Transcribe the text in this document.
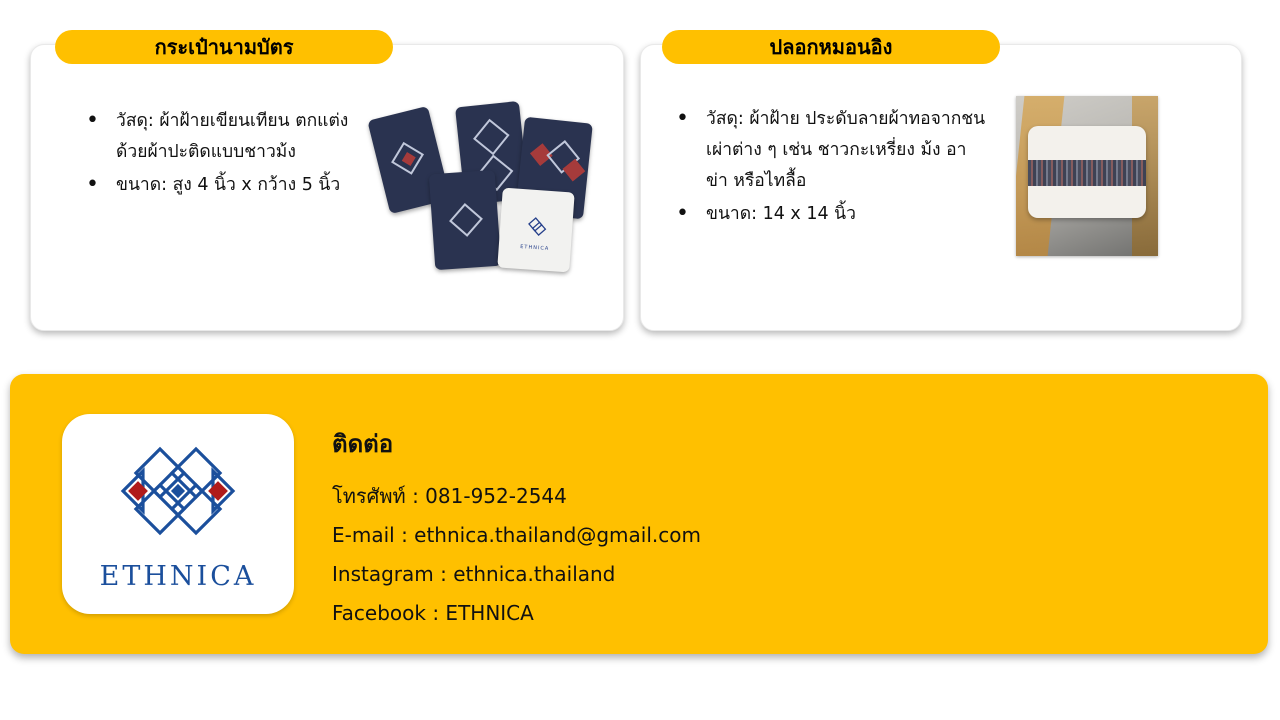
กระเป๋านามบัตร
• วัสดุ: ผ้าฝ้ายเขียนเทียน ตกแต่งด้วยผ้าปะติดแบบชาวม้ง
• ขนาด: สูง 4 นิ้ว x กว้าง 5 นิ้ว
ETHNICA
ปลอกหมอนอิง
• วัสดุ: ผ้าฝ้าย ประดับลายผ้าทอจากชนเผ่าต่าง ๆ เช่น ชาวกะเหรี่ยง ม้ง อาข่า หรือไทลื้อ
• ขนาด: 14 x 14 นิ้ว
ETHNICA
ติดต่อ
โทรศัพท์ : 081-952-2544
E-mail : ethnica.thailand@gmail.com
Instagram : ethnica.thailand
Facebook : ETHNICA
